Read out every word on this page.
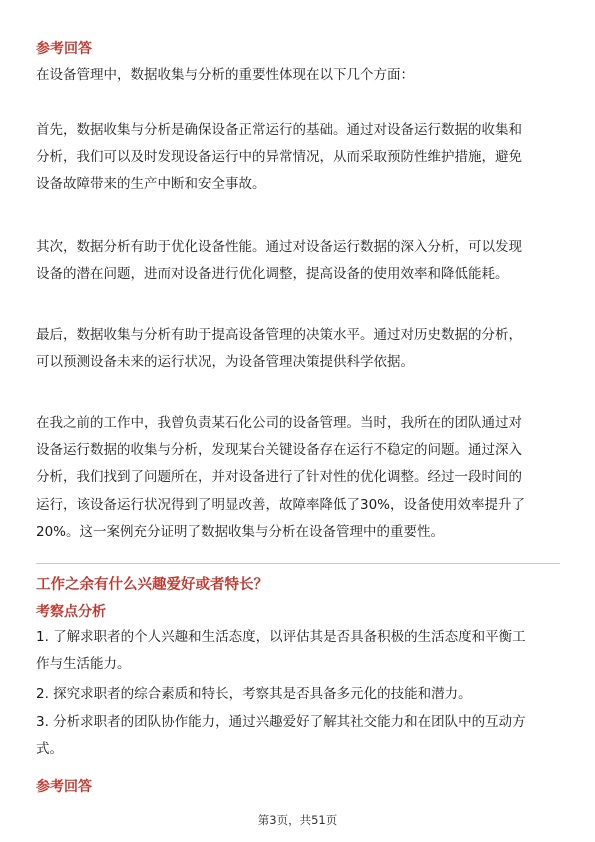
参考回答

在设备管理中，数据收集与分析的重要性体现在以下几个方面：

首先，数据收集与分析是确保设备正常运行的基础。通过对设备运行数据的收集和
分析，我们可以及时发现设备运行中的异常情况，从而采取预防性维护措施，避免
设备故障带来的生产中断和安全事故。

其次，数据分析有助于优化设备性能。通过对设备运行数据的深入分析，可以发现
设备的潜在问题，进而对设备进行优化调整，提高设备的使用效率和降低能耗。

最后，数据收集与分析有助于提高设备管理的决策水平。通过对历史数据的分析，
可以预测设备未来的运行状况，为设备管理决策提供科学依据。

在我之前的工作中，我曾负责某石化公司的设备管理。当时，我所在的团队通过对
设备运行数据的收集与分析，发现某台关键设备存在运行不稳定的问题。通过深入
分析，我们找到了问题所在，并对设备进行了针对性的优化调整。经过一段时间的
运行，该设备运行状况得到了明显改善，故障率降低了30%，设备使用效率提升了
20%。这一案例充分证明了数据收集与分析在设备管理中的重要性。

工作之余有什么兴趣爱好或者特长？
考察点分析

1. 了解求职者的个人兴趣和生活态度，以评估其是否具备积极的生活态度和平衡工
作与生活能力。

2. 探究求职者的综合素质和特长，考察其是否具备多元化的技能和潜力。

3. 分析求职者的团队协作能力，通过兴趣爱好了解其社交能力和在团队中的互动方
式。

参考回答
第3页，共51页
